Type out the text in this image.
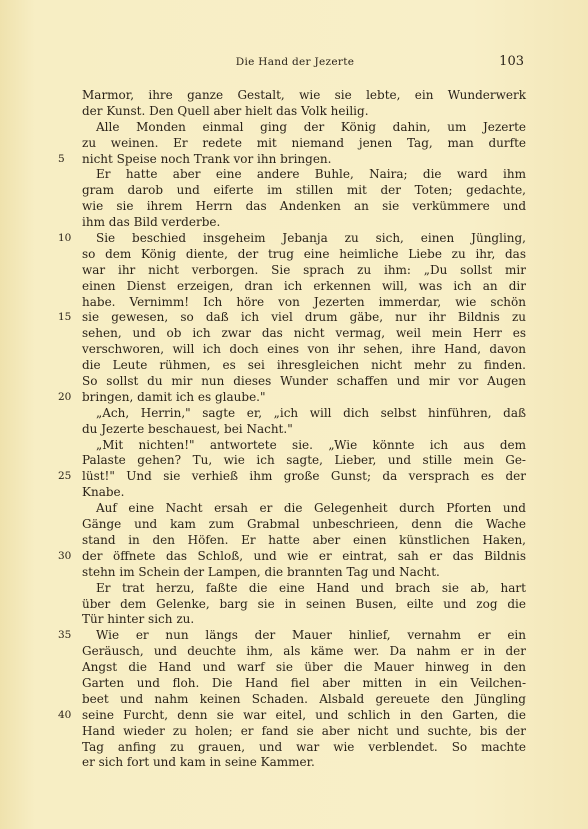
Die Hand der Jezerte	103
Marmor, ihre ganze Gestalt, wie sie lebte, ein Wunderwerk
der Kunst. Den Quell aber hielt das Volk heilig.
Alle Monden einmal ging der König dahin, um Jezerte
zu weinen. Er redete mit niemand jenen Tag, man durfte
5	nicht Speise noch Trank vor ihn bringen.
Er hatte aber eine andere Buhle, Naira; die ward ihm
gram darob und eiferte im stillen mit der Toten; gedachte,
wie sie ihrem Herrn das Andenken an sie verkümmere und
ihm das Bild verderbe.
10	Sie beschied insgeheim Jebanja zu sich, einen Jüngling,
so dem König diente, der trug eine heimliche Liebe zu ihr, das
war ihr nicht verborgen. Sie sprach zu ihm: „Du sollst mir
einen Dienst erzeigen, dran ich erkennen will, was ich an dir
habe. Vernimm! Ich höre von Jezerten immerdar, wie schön
15 sie gewesen, so daß ich viel drum gäbe, nur ihr Bildnis zu
sehen, und ob ich zwar das nicht vermag, weil mein Herr es
verschworen, will ich doch eines von ihr sehen, ihre Hand, davon
die Leute rühmen, es sei ihresgleichen nicht mehr zu finden.
So sollst du mir nun dieses Wunder schaffen und mir vor Augen
20 bringen, damit ich es glaube."
„Ach, Herrin," sagte er, „ich will dich selbst hinführen, daß
du Jezerte beschauest, bei Nacht."
„Mit nichten!" antwortete sie. „Wie könnte ich aus dem
Palaste gehen? Tu, wie ich sagte, Lieber, und stille mein Ge-
25 lüst!" Und sie verhieß ihm große Gunst; da versprach es der
Knabe.
Auf eine Nacht ersah er die Gelegenheit durch Pforten und
Gänge und kam zum Grabmal unbeschrieen, denn die Wache
stand in den Höfen. Er hatte aber einen künstlichen Haken,
30 der öffnete das Schloß, und wie er eintrat, sah er das Bildnis
stehn im Schein der Lampen, die brannten Tag und Nacht.
Er trat herzu, faßte die eine Hand und brach sie ab, hart
über dem Gelenke, barg sie in seinen Busen, eilte und zog die
Tür hinter sich zu.
35	Wie er nun längs der Mauer hinlief, vernahm er ein
Geräusch, und deuchte ihm, als käme wer. Da nahm er in der
Angst die Hand und warf sie über die Mauer hinweg in den
Garten und floh. Die Hand fiel aber mitten in ein Veilchen-
beet und nahm keinen Schaden. Alsbald gereuete den Jüngling
40 seine Furcht, denn sie war eitel, und schlich in den Garten, die
Hand wieder zu holen; er fand sie aber nicht und suchte, bis der
Tag anfing zu grauen, und war wie verblendet. So machte
er sich fort und kam in seine Kammer.
